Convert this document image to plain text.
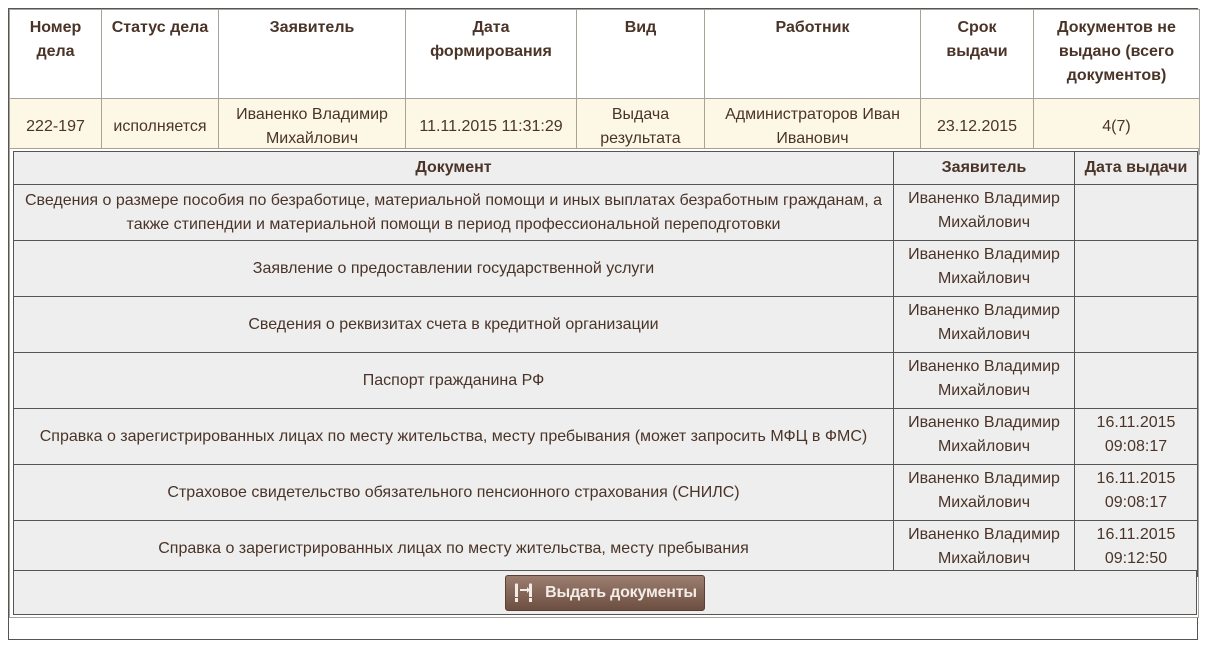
Номер дела	Статус дела	Заявитель	Дата формирования	Вид	Работник	Срок выдачи	Документов не выдано (всего документов)
222-197	исполняется	Иваненко Владимир Михайлович	11.11.2015 11:31:29	Выдача результата	Администраторов Иван Иванович	23.12.2015	4(7)
Документ	Заявитель	Дата выдачи
Сведения о размере пособия по безработице, материальной помощи и иных выплатах безработным гражданам, а также стипендии и материальной помощи в период профессиональной переподготовки	Иваненко Владимир Михайлович	
Заявление о предоставлении государственной услуги	Иваненко Владимир Михайлович	
Сведения о реквизитах счета в кредитной организации	Иваненко Владимир Михайлович	
Паспорт гражданина РФ	Иваненко Владимир Михайлович	
Справка о зарегистрированных лицах по месту жительства, месту пребывания (может запросить МФЦ в ФМС)	Иваненко Владимир Михайлович	16.11.2015 09:08:17
Страховое свидетельство обязательного пенсионного страхования (СНИЛС)	Иваненко Владимир Михайлович	16.11.2015 09:08:17
Справка о зарегистрированных лицах по месту жительства, месту пребывания	Иваненко Владимир Михайлович	16.11.2015 09:12:50
Выдать документы
